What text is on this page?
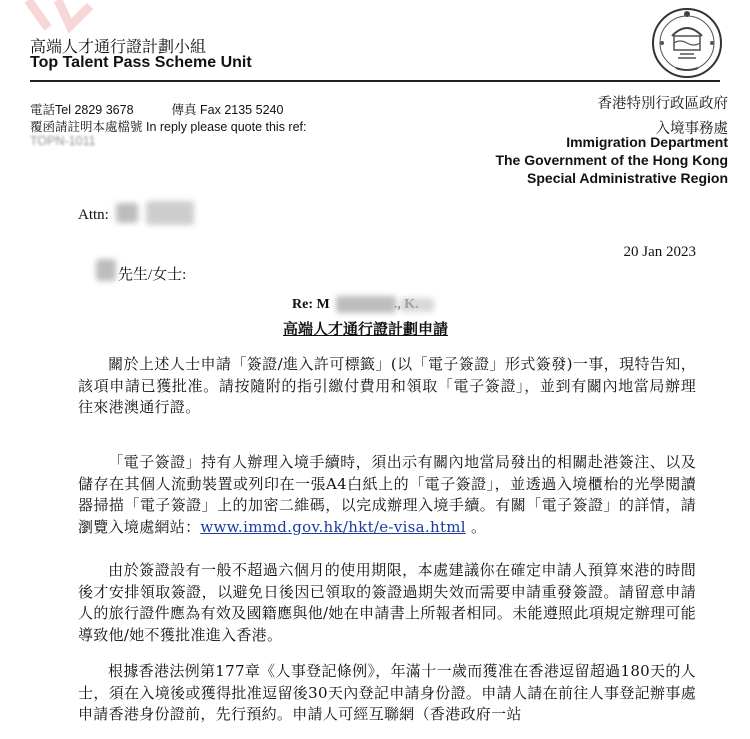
高端人才通行證計劃小組
Top Talent Pass Scheme Unit
電話Tel 2829 3678	傳真 Fax 2135 5240
覆函請註明本處檔號 In reply please quote this ref:
TOPN-1011
香港特別行政區政府
入境事務處
Immigration Department
The Government of the Hong Kong
Special Administrative Region
Attn:
20 Jan 2023
先生/女士:
Re: M	.,
高端人才通行證計劃申請
關於上述人士申請「簽證/進入許可標籤」(以「電子簽證」形式簽發)一事，現特告知，該項申請已獲批准。請按隨附的指引繳付費用和領取「電子簽證」，並到有關內地當局辦理往來港澳通行證。
「電子簽證」持有人辦理入境手續時，須出示有關內地當局發出的相關赴港簽注、以及儲存在其個人流動裝置或列印在一張A4白紙上的「電子簽證」，並透過入境櫃枱的光學閱讀器掃描「電子簽證」上的加密二維碼，以完成辦理入境手續。有關「電子簽證」的詳情，請瀏覽入境處網站：www.immd.gov.hk/hkt/e-visa.html 。
由於簽證設有一般不超過六個月的使用期限，本處建議你在確定申請人預算來港的時間後才安排領取簽證，以避免日後因已領取的簽證過期失效而需要申請重發簽證。請留意申請人的旅行證件應為有效及國籍應與他/她在申請書上所報者相同。未能遵照此項規定辦理可能導致他/她不獲批准進入香港。
根據香港法例第177章《人事登記條例》，年滿十一歲而獲准在香港逗留超過180天的人士，須在入境後或獲得批准逗留後30天內登記申請身份證。申請人請在前往人事登記辦事處申請香港身份證前，先行預約。申請人可經互聯網（香港政府一站
